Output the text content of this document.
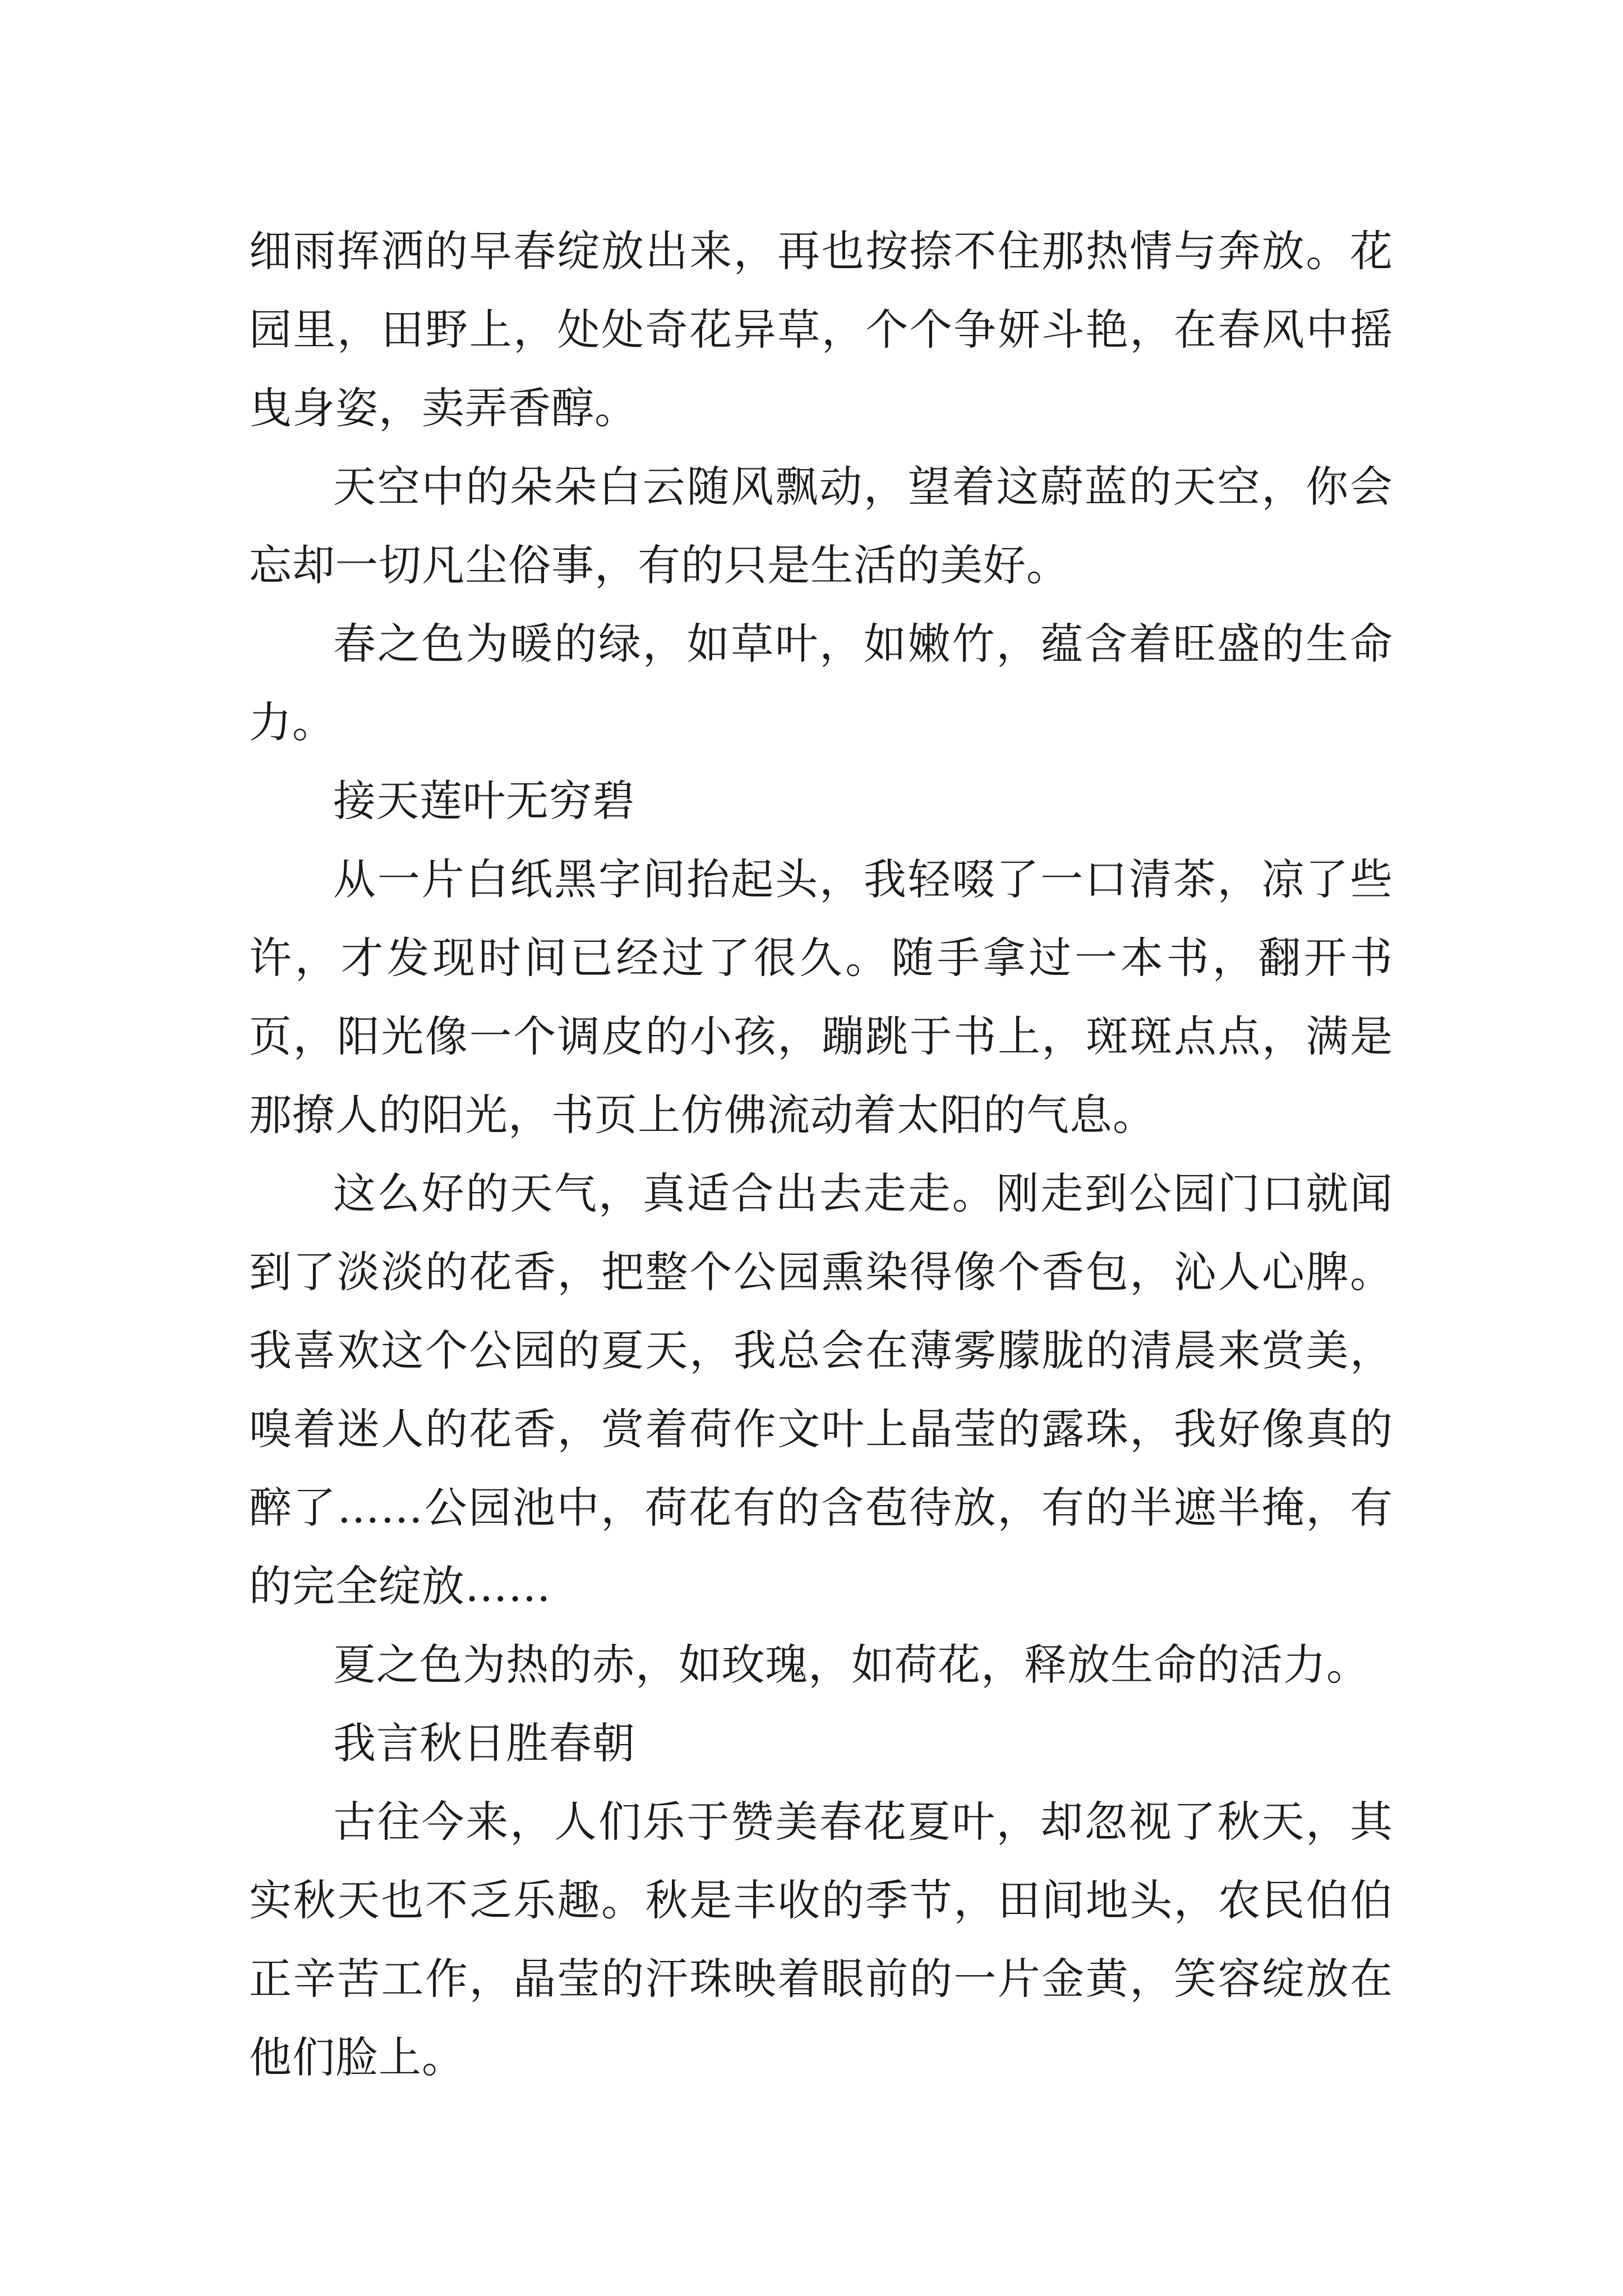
细雨挥洒的早春绽放出来，再也按捺不住那热情与奔放。花园里，田野上，处处奇花异草，个个争妍斗艳，在春风中摇曳身姿，卖弄香醇。

天空中的朵朵白云随风飘动，望着这蔚蓝的天空，你会忘却一切凡尘俗事，有的只是生活的美好。

春之色为暖的绿，如草叶，如嫩竹，蕴含着旺盛的生命力。

接天莲叶无穷碧

从一片白纸黑字间抬起头，我轻啜了一口清茶，凉了些许，才发现时间已经过了很久。随手拿过一本书，翻开书页，阳光像一个调皮的小孩，蹦跳于书上，斑斑点点，满是那撩人的阳光，书页上仿佛流动着太阳的气息。

这么好的天气，真适合出去走走。刚走到公园门口就闻到了淡淡的花香，把整个公园熏染得像个香包，沁人心脾。我喜欢这个公园的夏天，我总会在薄雾朦胧的清晨来赏美，嗅着迷人的花香，赏着荷作文叶上晶莹的露珠，我好像真的醉了……公园池中，荷花有的含苞待放，有的半遮半掩，有的完全绽放……

夏之色为热的赤，如玫瑰，如荷花，释放生命的活力。

我言秋日胜春朝

古往今来，人们乐于赞美春花夏叶，却忽视了秋天，其实秋天也不乏乐趣。秋是丰收的季节，田间地头，农民伯伯正辛苦工作，晶莹的汗珠映着眼前的一片金黄，笑容绽放在他们脸上。
